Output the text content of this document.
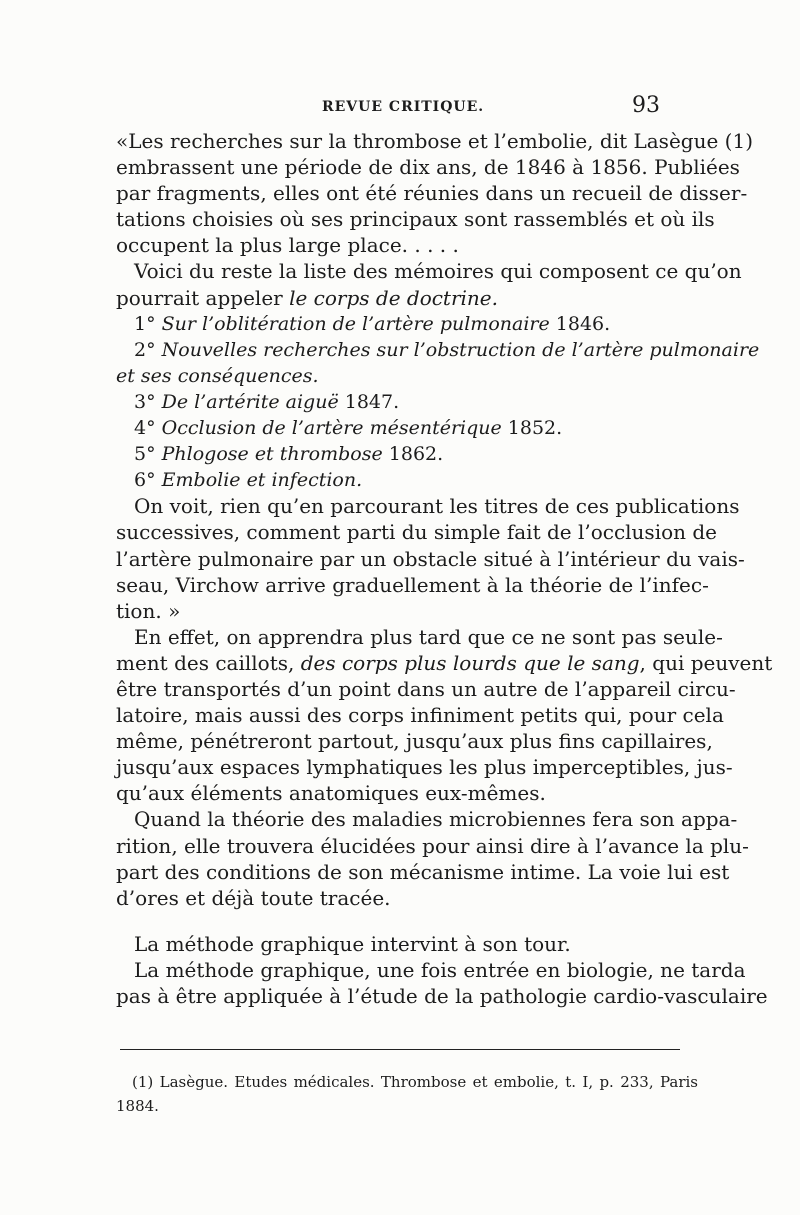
REVUE CRITIQUE.	93
«Les recherches sur la thrombose et l’embolie, dit Lasègue (1)
embrassent une période de dix ans, de 1846 à 1856. Publiées
par fragments, elles ont été réunies dans un recueil de disser-
tations choisies où ses principaux sont rassemblés et où ils
occupent la plus large place. . . . .
Voici du reste la liste des mémoires qui composent ce qu’on
pourrait appeler le corps de doctrine.
1° Sur l’oblitération de l’artère pulmonaire 1846.
2° Nouvelles recherches sur l’obstruction de l’artère pulmonaire
et ses conséquences.
3° De l’artérite aiguë 1847.
4° Occlusion de l’artère mésentérique 1852.
5° Phlogose et thrombose 1862.
6° Embolie et infection.
On voit, rien qu’en parcourant les titres de ces publications
successives, comment parti du simple fait de l’occlusion de
l’artère pulmonaire par un obstacle situé à l’intérieur du vais-
seau, Virchow arrive graduellement à la théorie de l’infec-
tion. »
En effet, on apprendra plus tard que ce ne sont pas seule-
ment des caillots, des corps plus lourds que le sang, qui peuvent
être transportés d’un point dans un autre de l’appareil circu-
latoire, mais aussi des corps infiniment petits qui, pour cela
même, pénétreront partout, jusqu’aux plus fins capillaires,
jusqu’aux espaces lymphatiques les plus imperceptibles, jus-
qu’aux éléments anatomiques eux-mêmes.
Quand la théorie des maladies microbiennes fera son appa-
rition, elle trouvera élucidées pour ainsi dire à l’avance la plu-
part des conditions de son mécanisme intime. La voie lui est
d’ores et déjà toute tracée.
La méthode graphique intervint à son tour.
La méthode graphique, une fois entrée en biologie, ne tarda
pas à être appliquée à l’étude de la pathologie cardio-vasculaire
(1) Lasègue. Etudes médicales. Thrombose et embolie, t. I, p. 233, Paris
1884.
